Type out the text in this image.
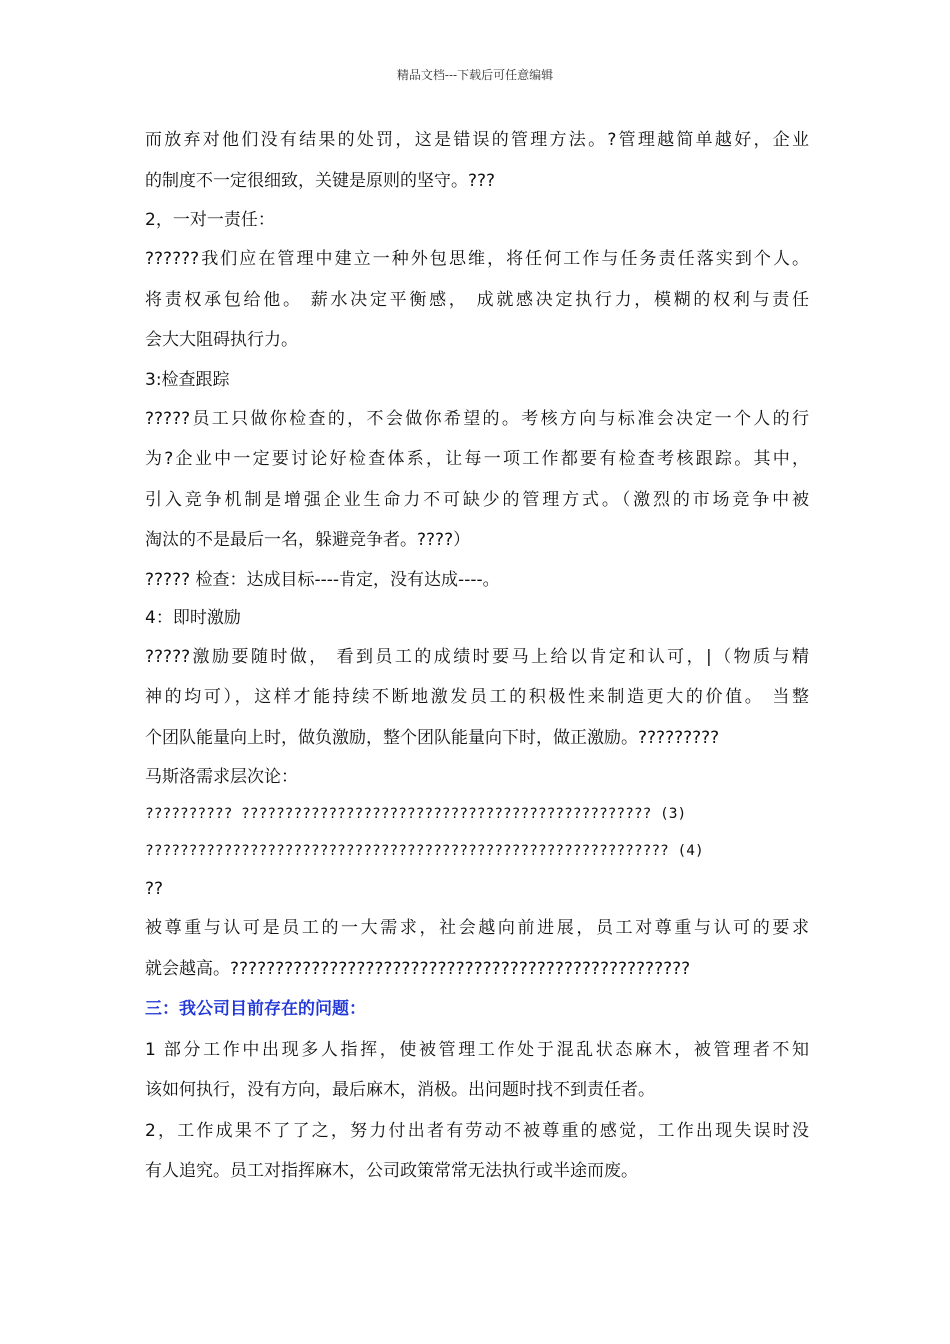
精品文档---下载后可任意编辑
而放弃对他们没有结果的处罚，这是错误的管理方法。?管理越简单越好，企业
的制度不一定很细致，关键是原则的坚守。???
2，一对一责任：
??????我们应在管理中建立一种外包思维，将任何工作与任务责任落实到个人。
将责权承包给他。 薪水决定平衡感， 成就感决定执行力，模糊的权利与责任
会大大阻碍执行力。
3:检查跟踪
?????员工只做你检查的，不会做你希望的。考核方向与标准会决定一个人的行
为?企业中一定要讨论好检查体系，让每一项工作都要有检查考核跟踪。其中，
引入竞争机制是增强企业生命力不可缺少的管理方式。（激烈的市场竞争中被
淘汰的不是最后一名，躲避竞争者。????）
????? 检查：达成目标----肯定，没有达成----。
4：即时激励
?????激励要随时做， 看到员工的成绩时要马上给以肯定和认可，|（物质与精
神的均可），这样才能持续不断地激发员工的积极性来制造更大的价值。 当整
个团队能量向上时，做负激励，整个团队能量向下时，做正激励。?????????
马斯洛需求层次论：
?????????? ??????????????????????????????????????????????? (3)
???????????????????????????????????????????????????????????? (4)
??
被尊重与认可是员工的一大需求，社会越向前进展，员工对尊重与认可的要求
就会越高。???????????????????????????????????????????????????
三：我公司目前存在的问题：
1 部分工作中出现多人指挥，使被管理工作处于混乱状态麻木，被管理者不知
该如何执行，没有方向，最后麻木，消极。出问题时找不到责任者。
2，工作成果不了了之，努力付出者有劳动不被尊重的感觉，工作出现失误时没
有人追究。员工对指挥麻木，公司政策常常无法执行或半途而废。
